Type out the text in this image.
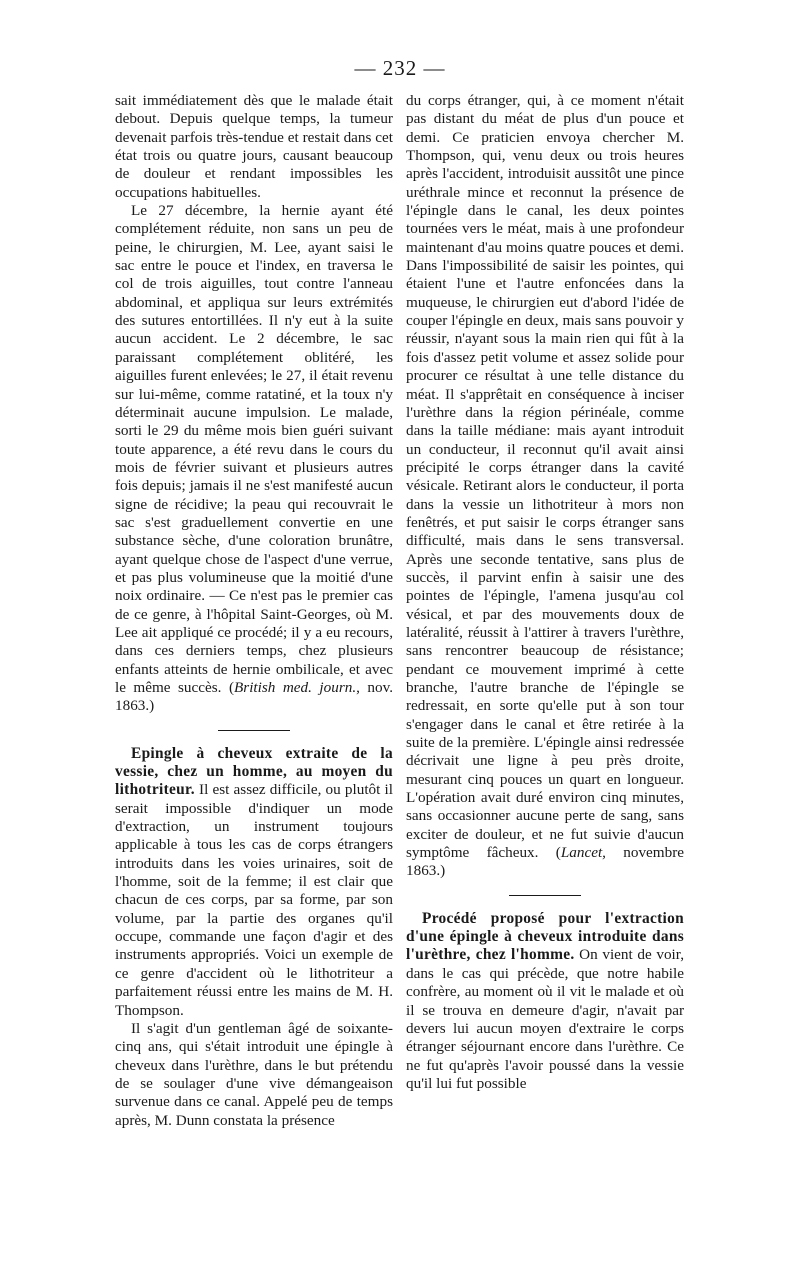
— 232 —

sait immédiatement dès que le malade était debout. Depuis quelque temps, la tumeur devenait parfois très-tendue et restait dans cet état trois ou quatre jours, causant beaucoup de douleur et rendant impossibles les occupations habituelles.

Le 27 décembre, la hernie ayant été complétement réduite, non sans un peu de peine, le chirurgien, M. Lee, ayant saisi le sac entre le pouce et l'index, en traversa le col de trois aiguilles, tout contre l'anneau abdominal, et appliqua sur leurs extrémités des sutures entortillées. Il n'y eut à la suite aucun accident. Le 2 décembre, le sac paraissant complétement oblitéré, les aiguilles furent enlevées; le 27, il était revenu sur lui-même, comme ratatiné, et la toux n'y déterminait aucune impulsion. Le malade, sorti le 29 du même mois bien guéri suivant toute apparence, a été revu dans le cours du mois de février suivant et plusieurs autres fois depuis; jamais il ne s'est manifesté aucun signe de récidive; la peau qui recouvrait le sac s'est graduellement convertie en une substance sèche, d'une coloration brunâtre, ayant quelque chose de l'aspect d'une verrue, et pas plus volumineuse que la moitié d'une noix ordinaire. — Ce n'est pas le premier cas de ce genre, à l'hôpital Saint-Georges, où M. Lee ait appliqué ce procédé; il y a eu recours, dans ces derniers temps, chez plusieurs enfants atteints de hernie ombilicale, et avec le même succès. (British med. journ., nov. 1863.)

Epingle à cheveux extraite de la vessie, chez un homme, au moyen du lithotriteur. Il est assez difficile, ou plutôt il serait impossible d'indiquer un mode d'extraction, un instrument toujours applicable à tous les cas de corps étrangers introduits dans les voies urinaires, soit de l'homme, soit de la femme; il est clair que chacun de ces corps, par sa forme, par son volume, par la partie des organes qu'il occupe, commande une façon d'agir et des instruments appropriés. Voici un exemple de ce genre d'accident où le lithotriteur a parfaitement réussi entre les mains de M. H. Thompson.

Il s'agit d'un gentleman âgé de soixante-cinq ans, qui s'était introduit une épingle à cheveux dans l'urèthre, dans le but prétendu de se soulager d'une vive démangeaison survenue dans ce canal. Appelé peu de temps après, M. Dunn constata la présence

du corps étranger, qui, à ce moment n'était pas distant du méat de plus d'un pouce et demi. Ce praticien envoya chercher M. Thompson, qui, venu deux ou trois heures après l'accident, introduisit aussitôt une pince uréthrale mince et reconnut la présence de l'épingle dans le canal, les deux pointes tournées vers le méat, mais à une profondeur maintenant d'au moins quatre pouces et demi. Dans l'impossibilité de saisir les pointes, qui étaient l'une et l'autre enfoncées dans la muqueuse, le chirurgien eut d'abord l'idée de couper l'épingle en deux, mais sans pouvoir y réussir, n'ayant sous la main rien qui fût à la fois d'assez petit volume et assez solide pour procurer ce résultat à une telle distance du méat. Il s'apprêtait en conséquence à inciser l'urèthre dans la région périnéale, comme dans la taille médiane: mais ayant introduit un conducteur, il reconnut qu'il avait ainsi précipité le corps étranger dans la cavité vésicale. Retirant alors le conducteur, il porta dans la vessie un lithotriteur à mors non fenêtrés, et put saisir le corps étranger sans difficulté, mais dans le sens transversal. Après une seconde tentative, sans plus de succès, il parvint enfin à saisir une des pointes de l'épingle, l'amena jusqu'au col vésical, et par des mouvements doux de latéralité, réussit à l'attirer à travers l'urèthre, sans rencontrer beaucoup de résistance; pendant ce mouvement imprimé à cette branche, l'autre branche de l'épingle se redressait, en sorte qu'elle put à son tour s'engager dans le canal et être retirée à la suite de la première. L'épingle ainsi redressée décrivait une ligne à peu près droite, mesurant cinq pouces un quart en longueur. L'opération avait duré environ cinq minutes, sans occasionner aucune perte de sang, sans exciter de douleur, et ne fut suivie d'aucun symptôme fâcheux. (Lancet, novembre 1863.)

Procédé proposé pour l'extraction d'une épingle à cheveux introduite dans l'urèthre, chez l'homme. On vient de voir, dans le cas qui précède, que notre habile confrère, au moment où il vit le malade et où il se trouva en demeure d'agir, n'avait par devers lui aucun moyen d'extraire le corps étranger séjournant encore dans l'urèthre. Ce ne fut qu'après l'avoir poussé dans la vessie qu'il lui fut possible
